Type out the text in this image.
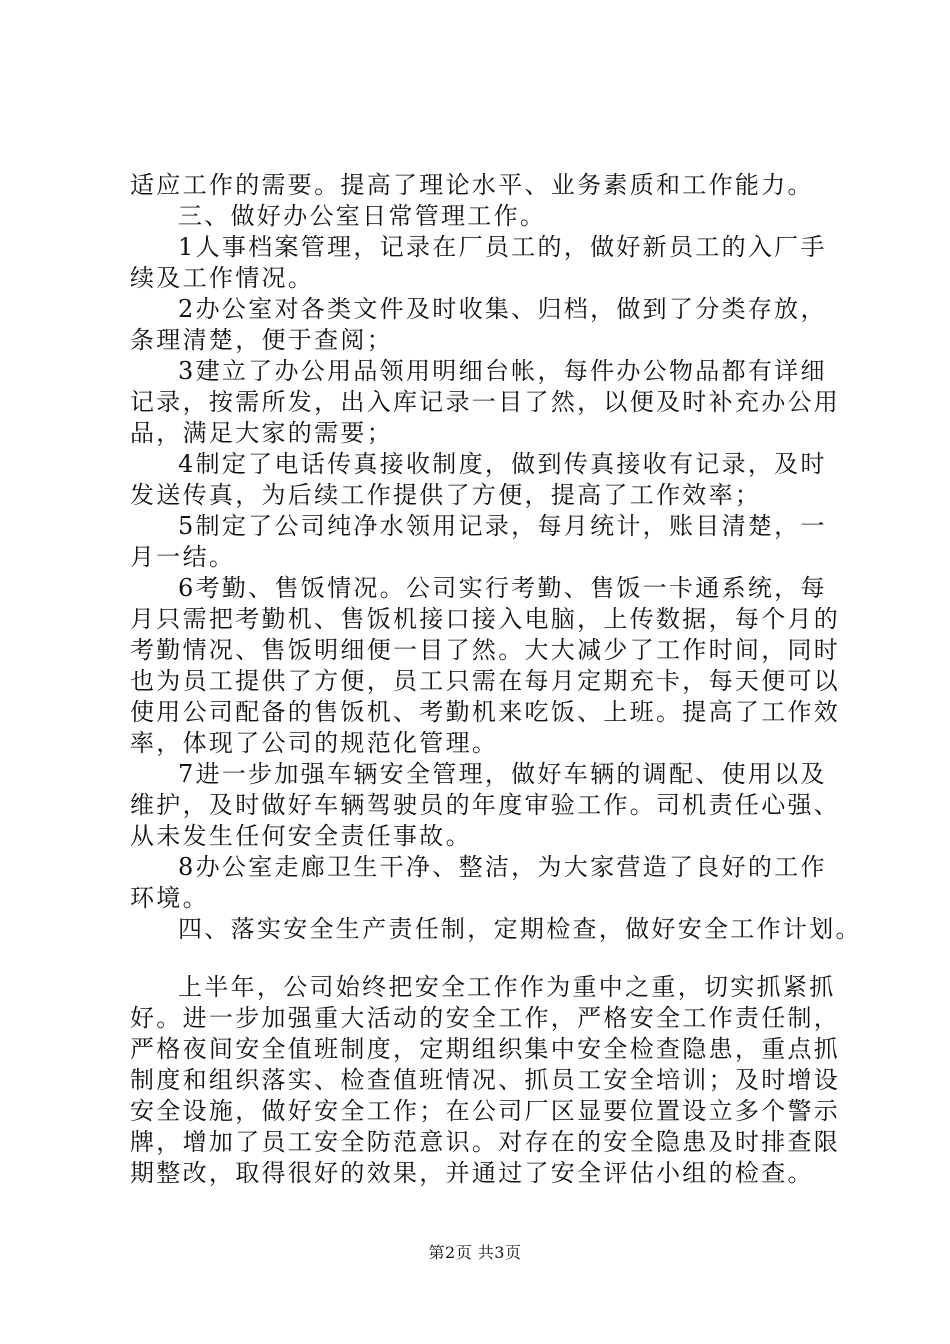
适应工作的需要。提高了理论水平、业务素质和工作能力。
三、做好办公室日常管理工作。
1人事档案管理，记录在厂员工的，做好新员工的入厂手
续及工作情况。
2办公室对各类文件及时收集、归档，做到了分类存放，
条理清楚，便于查阅；
3建立了办公用品领用明细台帐，每件办公物品都有详细
记录，按需所发，出入库记录一目了然，以便及时补充办公用
品，满足大家的需要；
4制定了电话传真接收制度，做到传真接收有记录，及时
发送传真，为后续工作提供了方便，提高了工作效率；
5制定了公司纯净水领用记录，每月统计，账目清楚，一
月一结。
6考勤、售饭情况。公司实行考勤、售饭一卡通系统，每
月只需把考勤机、售饭机接口接入电脑，上传数据，每个月的
考勤情况、售饭明细便一目了然。大大减少了工作时间，同时
也为员工提供了方便，员工只需在每月定期充卡，每天便可以
使用公司配备的售饭机、考勤机来吃饭、上班。提高了工作效
率，体现了公司的规范化管理。
7进一步加强车辆安全管理，做好车辆的调配、使用以及
维护，及时做好车辆驾驶员的年度审验工作。司机责任心强、
从未发生任何安全责任事故。
8办公室走廊卫生干净、整洁，为大家营造了良好的工作
环境。
四、落实安全生产责任制，定期检查，做好安全工作计划。
上半年，公司始终把安全工作作为重中之重，切实抓紧抓
好。进一步加强重大活动的安全工作，严格安全工作责任制，
严格夜间安全值班制度，定期组织集中安全检查隐患，重点抓
制度和组织落实、检查值班情况、抓员工安全培训；及时增设
安全设施，做好安全工作；在公司厂区显要位置设立多个警示
牌，增加了员工安全防范意识。对存在的安全隐患及时排查限
期整改，取得很好的效果，并通过了安全评估小组的检查。
第2页 共3页
